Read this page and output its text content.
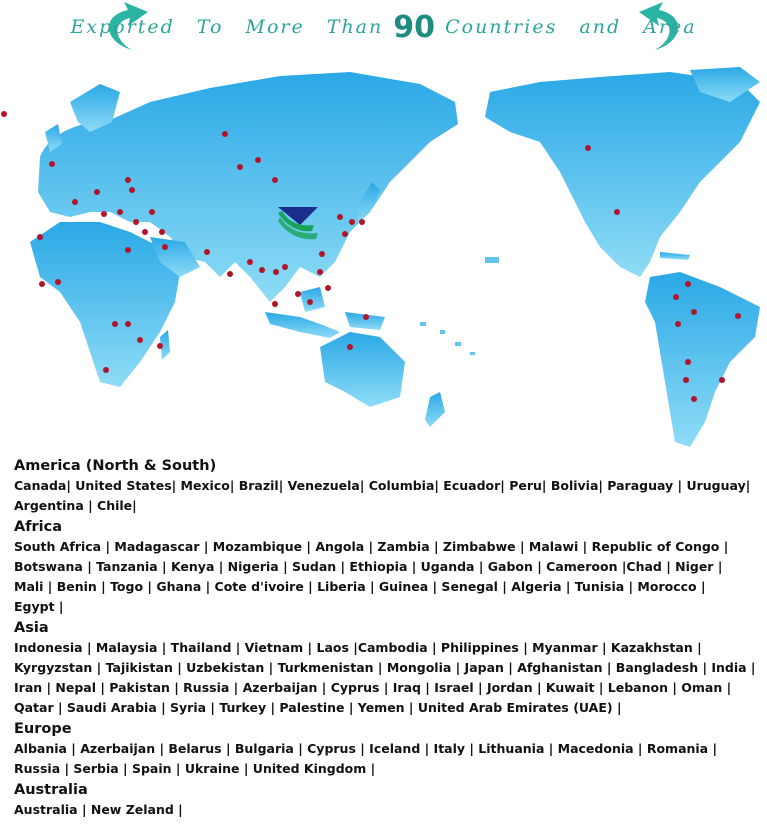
Exported To More Than 90 Countries and Area
America (North & South)

Canada| United States| Mexico| Brazil| Venezuela| Columbia| Ecuador| Peru| Bolivia| Paraguay | Uruguay|

Argentina | Chile|

Africa

South Africa | Madagascar | Mozambique | Angola | Zambia | Zimbabwe | Malawi | Republic of Congo |

Botswana | Tanzania | Kenya | Nigeria | Sudan | Ethiopia | Uganda | Gabon | Cameroon |Chad | Niger |

Mali | Benin | Togo | Ghana | Cote d'ivoire | Liberia | Guinea | Senegal | Algeria | Tunisia | Morocco |

Egypt |

Asia

Indonesia | Malaysia | Thailand | Vietnam | Laos |Cambodia | Philippines | Myanmar | Kazakhstan |

Kyrgyzstan | Tajikistan | Uzbekistan | Turkmenistan | Mongolia | Japan | Afghanistan | Bangladesh | India |

Iran | Nepal | Pakistan | Russia | Azerbaijan | Cyprus | Iraq | Israel | Jordan | Kuwait | Lebanon | Oman |

Qatar | Saudi Arabia | Syria | Turkey | Palestine | Yemen | United Arab Emirates (UAE) |

Europe

Albania | Azerbaijan | Belarus | Bulgaria | Cyprus | Iceland | Italy | Lithuania | Macedonia | Romania |

Russia | Serbia | Spain | Ukraine | United Kingdom |

Australia

Australia | New Zeland |
